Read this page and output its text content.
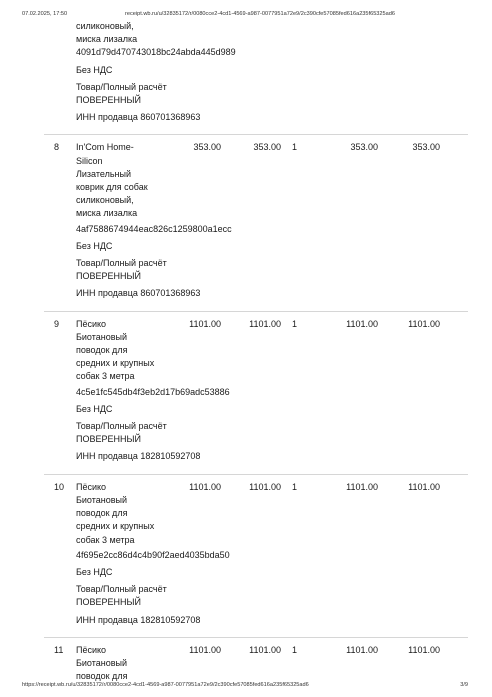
07.02.2025, 17:50	receipt.wb.ru/u/32835172/r/0080cce2-4cd1-4569-a987-0077951a72e9/2c390cfe57085fed616a235f65325ad6
силиконовый,
миска лизалка
4091d79d470743018bc24abda445d989
Без НДС
Товар/Полный расчёт
ПОВЕРЕННЫЙ
ИНН продавца 860701368963
8	353.00	353.00 1	353.00	353.00
In'Com Home-
Silicon
Лизательный
коврик для собак
силиконовый,
миска лизалка
4af7588674944eac826c1259800a1ecc
Без НДС
Товар/Полный расчёт
ПОВЕРЕННЫЙ
ИНН продавца 860701368963
9	1101.00	1101.00 1	1101.00	1101.00
Пёсико
Биотановый
поводок для
средних и крупных
собак 3 метра
4c5e1fc545db4f3eb2d17b69adc53886
Без НДС
Товар/Полный расчёт
ПОВЕРЕННЫЙ
ИНН продавца 182810592708
10	1101.00	1101.00 1	1101.00	1101.00
Пёсико
Биотановый
поводок для
средних и крупных
собак 3 метра
4f695e2cc86d4c4b90f2aed4035bda50
Без НДС
Товар/Полный расчёт
ПОВЕРЕННЫЙ
ИНН продавца 182810592708
11	1101.00	1101.00 1	1101.00	1101.00
Пёсико
Биотановый
поводок для
https://receipt.wb.ru/u/32835172/r/0080cce2-4cd1-4569-a987-0077951a72e9/2c390cfe57085fed616a235f65325ad6	3/9
